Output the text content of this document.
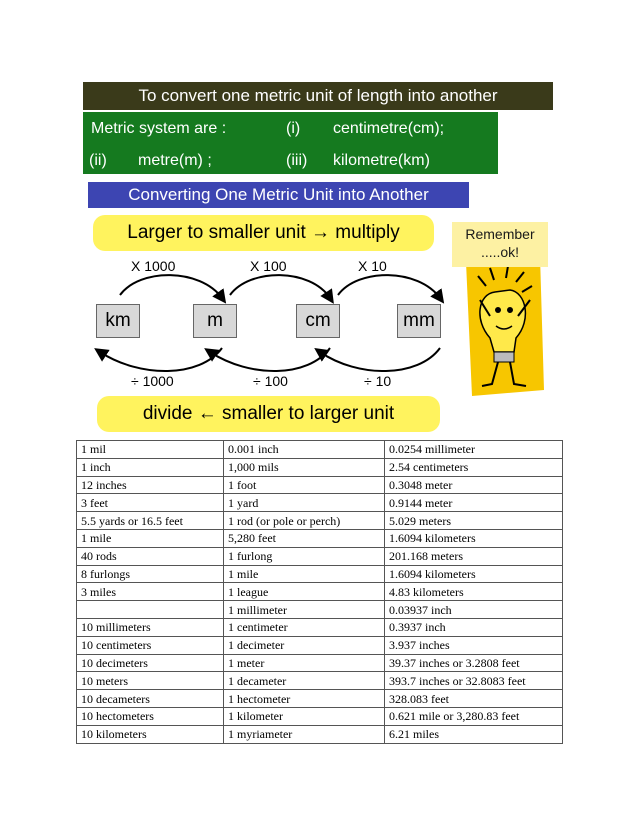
To convert one metric unit of length into another
Metric system are :	(i) centimetre(cm);
(ii) metre(m) ;	(iii) kilometre(km)
Converting One Metric Unit into Another
Larger to smaller unit → multiply
km	m	cm	mm
X 1000	X 100	X 10
÷ 1000	÷ 100	÷ 10
Remember
.....ok!
divide ← smaller to larger unit
1 mil	0.001 inch	0.0254 millimeter
1 inch	1,000 mils	2.54 centimeters
12 inches	1 foot	0.3048 meter
3 feet	1 yard	0.9144 meter
5.5 yards or 16.5 feet	1 rod (or pole or perch)	5.029 meters
1 mile	5,280 feet	1.6094 kilometers
40 rods	1 furlong	201.168 meters
8 furlongs	1 mile	1.6094 kilometers
3 miles	1 league	4.83 kilometers
	1 millimeter	0.03937 inch
10 millimeters	1 centimeter	0.3937 inch
10 centimeters	1 decimeter	3.937 inches
10 decimeters	1 meter	39.37 inches or 3.2808 feet
10 meters	1 decameter	393.7 inches or 32.8083 feet
10 decameters	1 hectometer	328.083 feet
10 hectometers	1 kilometer	0.621 mile or 3,280.83 feet
10 kilometers	1 myriameter	6.21 miles
